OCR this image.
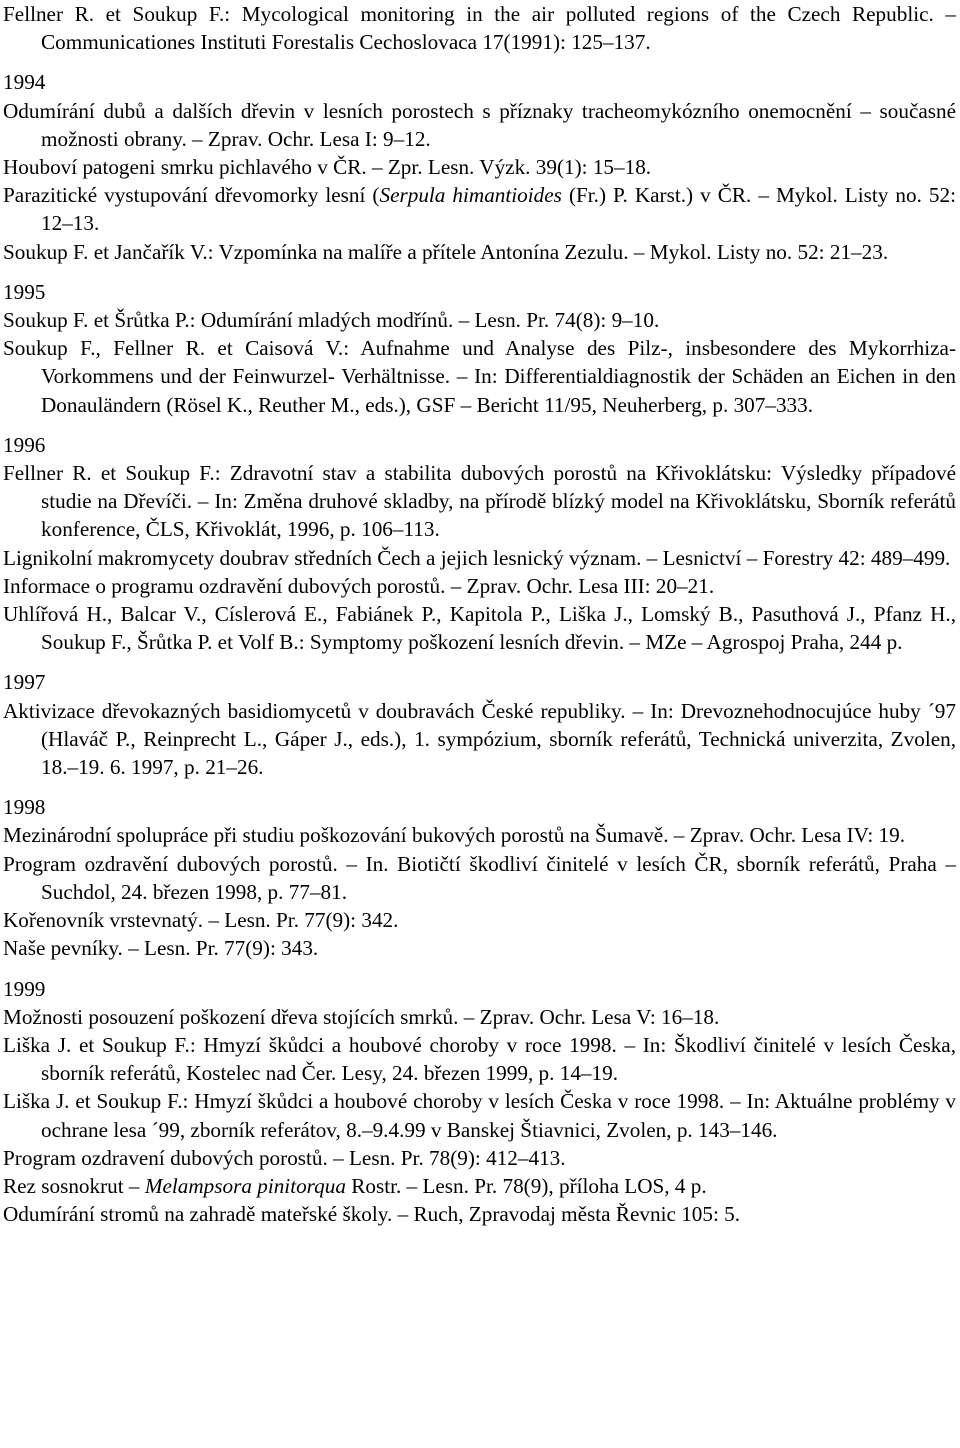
Fellner R. et Soukup F.: Mycological monitoring in the air polluted regions of the Czech Republic. – Communicationes Instituti Forestalis Cechoslovaca 17(1991): 125–137.

1994

Odumírání dubů a dalších dřevin v lesních porostech s příznaky tracheomykózního onemocnění – současné možnosti obrany. – Zprav. Ochr. Lesa I: 9–12.

Houboví patogeni smrku pichlavého v ČR. – Zpr. Lesn. Výzk. 39(1): 15–18.

Parazitické vystupování dřevomorky lesní (Serpula himantioides (Fr.) P. Karst.) v ČR. – Mykol. Listy no. 52: 12–13.

Soukup F. et Jančařík V.: Vzpomínka na malíře a přítele Antonína Zezulu. – Mykol. Listy no. 52: 21–23.

1995

Soukup F. et Šrůtka P.: Odumírání mladých modřínů. – Lesn. Pr. 74(8): 9–10.

Soukup F., Fellner R. et Caisová V.: Aufnahme und Analyse des Pilz-, insbesondere des Mykorrhiza-Vorkommens und der Feinwurzel- Verhältnisse. – In: Differentialdiagnostik der Schäden an Eichen in den Donauländern (Rösel K., Reuther M., eds.), GSF – Bericht 11/95, Neuherberg, p. 307–333.

1996

Fellner R. et Soukup F.: Zdravotní stav a stabilita dubových porostů na Křivoklátsku: Výsledky případové studie na Dřevíči. – In: Změna druhové skladby, na přírodě blízký model na Křivoklátsku, Sborník referátů konference, ČLS, Křivoklát, 1996, p. 106–113.

Lignikolní makromycety doubrav středních Čech a jejich lesnický význam. – Lesnictví – Forestry 42: 489–499.

Informace o programu ozdravění dubových porostů. – Zprav. Ochr. Lesa III: 20–21.

Uhlířová H., Balcar V., Císlerová E., Fabiánek P., Kapitola P., Liška J., Lomský B., Pasuthová J., Pfanz H., Soukup F., Šrůtka P. et Volf B.: Symptomy poškození lesních dřevin. – MZe – Agrospoj Praha, 244 p.

1997

Aktivizace dřevokazných basidiomycetů v doubravách České republiky. – In: Drevoznehodnocujúce huby ´97 (Hlaváč P., Reinprecht L., Gáper J., eds.), 1. sympózium, sborník referátů, Technická univerzita, Zvolen, 18.–19. 6. 1997, p. 21–26.

1998

Mezinárodní spolupráce při studiu poškozování bukových porostů na Šumavě. – Zprav. Ochr. Lesa IV: 19.

Program ozdravění dubových porostů. – In. Biotičtí škodliví činitelé v lesích ČR, sborník referátů, Praha – Suchdol, 24. březen 1998, p. 77–81.

Kořenovník vrstevnatý. – Lesn. Pr. 77(9): 342.

Naše pevníky. – Lesn. Pr. 77(9): 343.

1999

Možnosti posouzení poškození dřeva stojících smrků. – Zprav. Ochr. Lesa V: 16–18.

Liška J. et Soukup F.: Hmyzí škůdci a houbové choroby v roce 1998. – In: Škodliví činitelé v lesích Česka, sborník referátů, Kostelec nad Čer. Lesy, 24. březen 1999, p. 14–19.

Liška J. et Soukup F.: Hmyzí škůdci a houbové choroby v lesích Česka v roce 1998. – In: Aktuálne problémy v ochrane lesa ´99, zborník referátov, 8.–9.4.99 v Banskej Štiavnici, Zvolen, p. 143–146.

Program ozdravení dubových porostů. – Lesn. Pr. 78(9): 412–413.

Rez sosnokrut – Melampsora pinitorqua Rostr. – Lesn. Pr. 78(9), příloha LOS, 4 p.

Odumírání stromů na zahradě mateřské školy. – Ruch, Zpravodaj města Řevnic 105: 5.
